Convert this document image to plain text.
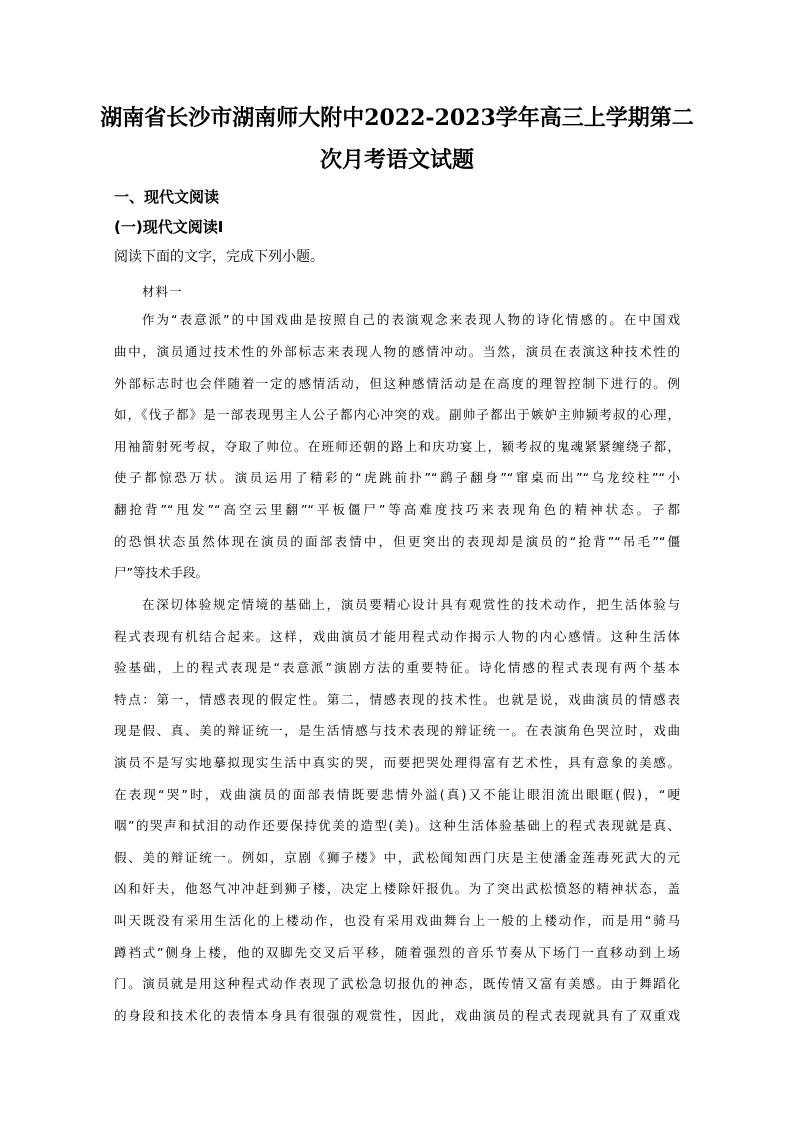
湖南省长沙市湖南师大附中2022-2023学年高三上学期第二
次月考语文试题
一、现代文阅读
(一)现代文阅读Ⅰ
阅读下面的文字，完成下列小题。
材料一
作为“表意派”的中国戏曲是按照自己的表演观念来表现人物的诗化情感的。在中国戏
曲中，演员通过技术性的外部标志来表现人物的感情冲动。当然，演员在表演这种技术性的
外部标志时也会伴随着一定的感情活动，但这种感情活动是在高度的理智控制下进行的。例
如，《伐子都》是一部表现男主人公子都内心冲突的戏。副帅子都出于嫉妒主帅颍考叔的心理，
用袖箭射死考叔，夺取了帅位。在班师还朝的路上和庆功宴上，颍考叔的鬼魂紧紧缠绕子都，
使子都惊恐万状。演员运用了精彩的“虎跳前扑”“鹞子翻身”“窜桌而出”“乌龙绞柱”“小
翻抢背”“甩发”“高空云里翻”“平板僵尸”等高难度技巧来表现角色的精神状态。子都
的恐惧状态虽然体现在演员的面部表情中，但更突出的表现却是演员的“抢背”“吊毛”“僵
尸”等技术手段。
在深切体验规定情境的基础上，演员要精心设计具有观赏性的技术动作，把生活体验与
程式表现有机结合起来。这样，戏曲演员才能用程式动作揭示人物的内心感情。这种生活体
验基础，上的程式表现是“表意派”演剧方法的重要特征。诗化情感的程式表现有两个基本
特点：第一，情感表现的假定性。第二，情感表现的技术性。也就是说，戏曲演员的情感表
现是假、真、美的辩证统一，是生活情感与技术表现的辩证统一。在表演角色哭泣时，戏曲
演员不是写实地摹拟现实生活中真实的哭，而要把哭处理得富有艺术性，具有意象的美感。
在表现“哭”时，戏曲演员的面部表情既要悲情外溢(真)又不能让眼泪流出眼眶(假)，“哽
咽”的哭声和拭泪的动作还要保持优美的造型(美)。这种生活体验基础上的程式表现就是真、
假、美的辩证统一。例如，京剧《狮子楼》中，武松闻知西门庆是主使潘金莲毒死武大的元
凶和奸夫，他怒气冲冲赶到狮子楼，决定上楼除奸报仇。为了突出武松愤怒的精神状态，盖
叫天既没有采用生活化的上楼动作，也没有采用戏曲舞台上一般的上楼动作，而是用“骑马
蹲裆式”侧身上楼，他的双脚先交叉后平移，随着强烈的音乐节奏从下场门一直移动到上场
门。演员就是用这种程式动作表现了武松急切报仇的神态，既传情又富有美感。由于舞蹈化
的身段和技术化的表情本身具有很强的观赏性，因此，戏曲演员的程式表现就具有了双重戏
